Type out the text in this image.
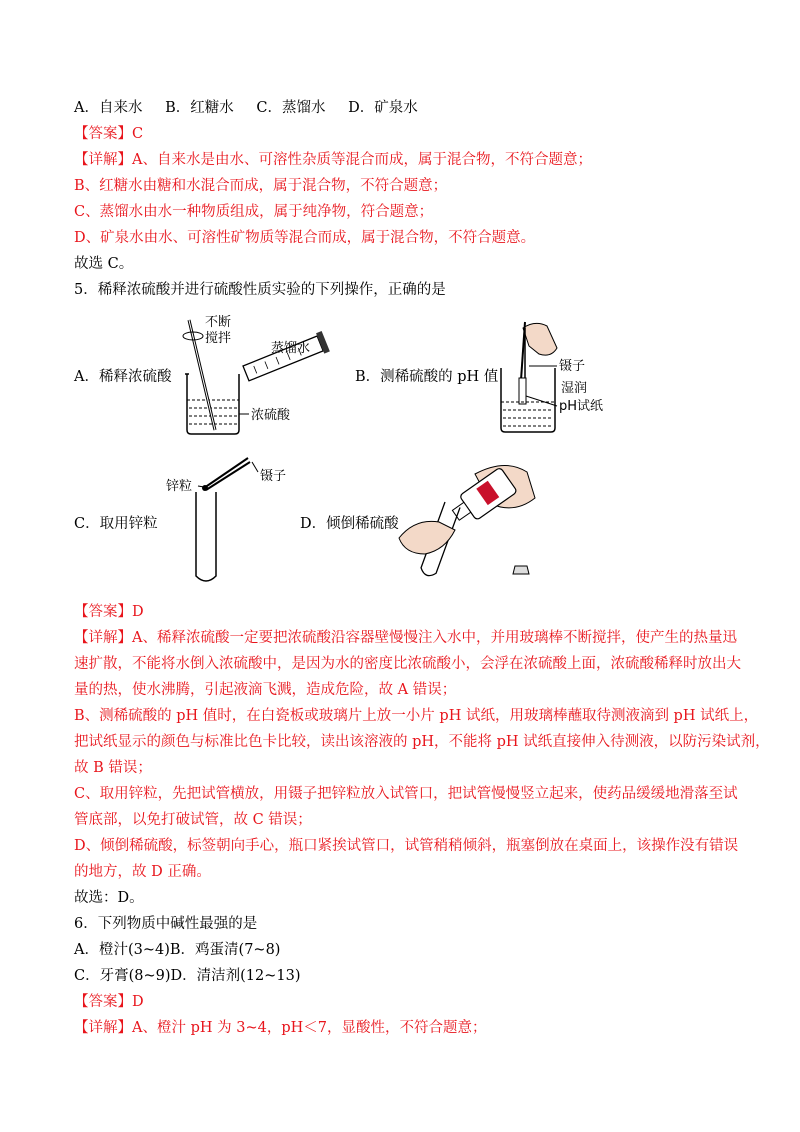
A．自来水 B．红糖水 C．蒸馏水 D．矿泉水
【答案】C
【详解】A、自来水是由水、可溶性杂质等混合而成，属于混合物，不符合题意；
B、红糖水由糖和水混合而成，属于混合物，不符合题意；
C、蒸馏水由水一种物质组成，属于纯净物，符合题意；
D、矿泉水由水、可溶性矿物质等混合而成，属于混合物，不符合题意。
故选 C。
5．稀释浓硫酸并进行硫酸性质实验的下列操作，正确的是
A．稀释浓硫酸
不断
搅拌
蒸馏水
浓硫酸
B．测稀硫酸的 pH 值
镊子
湿润
pH试纸
C．取用锌粒
锌粒
镊子
D．倾倒稀硫酸
【答案】D
【详解】A、稀释浓硫酸一定要把浓硫酸沿容器壁慢慢注入水中，并用玻璃棒不断搅拌，使产生的热量迅
速扩散，不能将水倒入浓硫酸中，是因为水的密度比浓硫酸小，会浮在浓硫酸上面，浓硫酸稀释时放出大
量的热，使水沸腾，引起液滴飞溅，造成危险，故 A 错误；
B、测稀硫酸的 pH 值时，在白瓷板或玻璃片上放一小片 pH 试纸，用玻璃棒蘸取待测液滴到 pH 试纸上，
把试纸显示的颜色与标准比色卡比较，读出该溶液的 pH，不能将 pH 试纸直接伸入待测液，以防污染试剂，
故 B 错误；
C、取用锌粒，先把试管横放，用镊子把锌粒放入试管口，把试管慢慢竖立起来，使药品缓缓地滑落至试
管底部，以免打破试管，故 C 错误；
D、倾倒稀硫酸，标签朝向手心，瓶口紧挨试管口，试管稍稍倾斜，瓶塞倒放在桌面上，该操作没有错误
的地方，故 D 正确。
故选：D。
6．下列物质中碱性最强的是
A．橙汁(3~4)B．鸡蛋清(7~8)
C．牙膏(8~9)D．清洁剂(12~13)
【答案】D
【详解】A、橙汁 pH 为 3~4，pH＜7，显酸性，不符合题意；
